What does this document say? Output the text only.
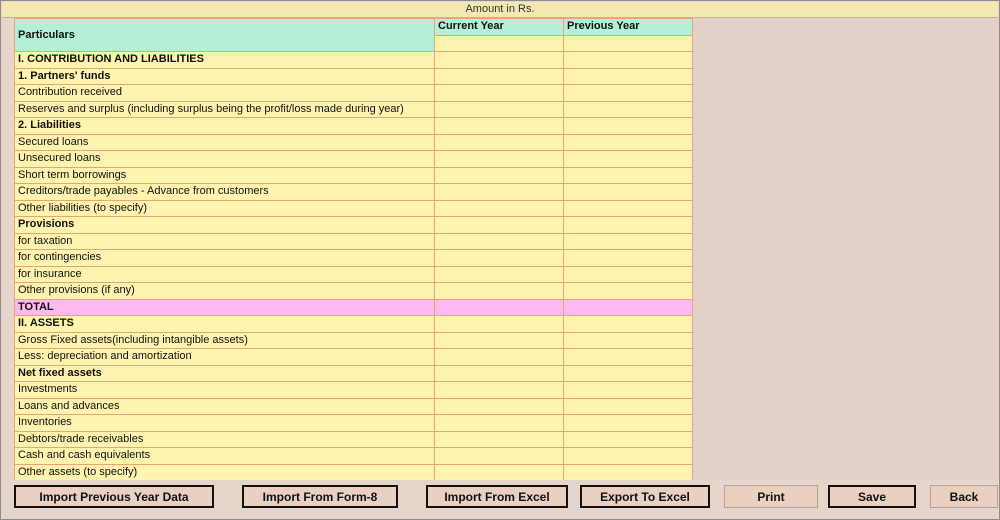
Amount in Rs.
Particulars	Current Year	Previous Year

I. CONTRIBUTION AND LIABILITIES		
1. Partners' funds		
Contribution received		
Reserves and surplus (including surplus being the profit/loss made during year)		
2. Liabilities		
Secured loans		
Unsecured loans		
Short term borrowings		
Creditors/trade payables - Advance from customers		
Other liabilities (to specify)		
Provisions		
for taxation		
for contingencies		
for insurance		
Other provisions (if any)		
TOTAL		
II. ASSETS		
Gross Fixed assets(including intangible assets)		
Less: depreciation and amortization		
Net fixed assets		
Investments		
Loans and advances		
Inventories		
Debtors/trade receivables		
Cash and cash equivalents		
Other assets (to specify)		
Import Previous Year Data	Import From Form-8	Import From Excel	Export To Excel	Print	Save	Back
